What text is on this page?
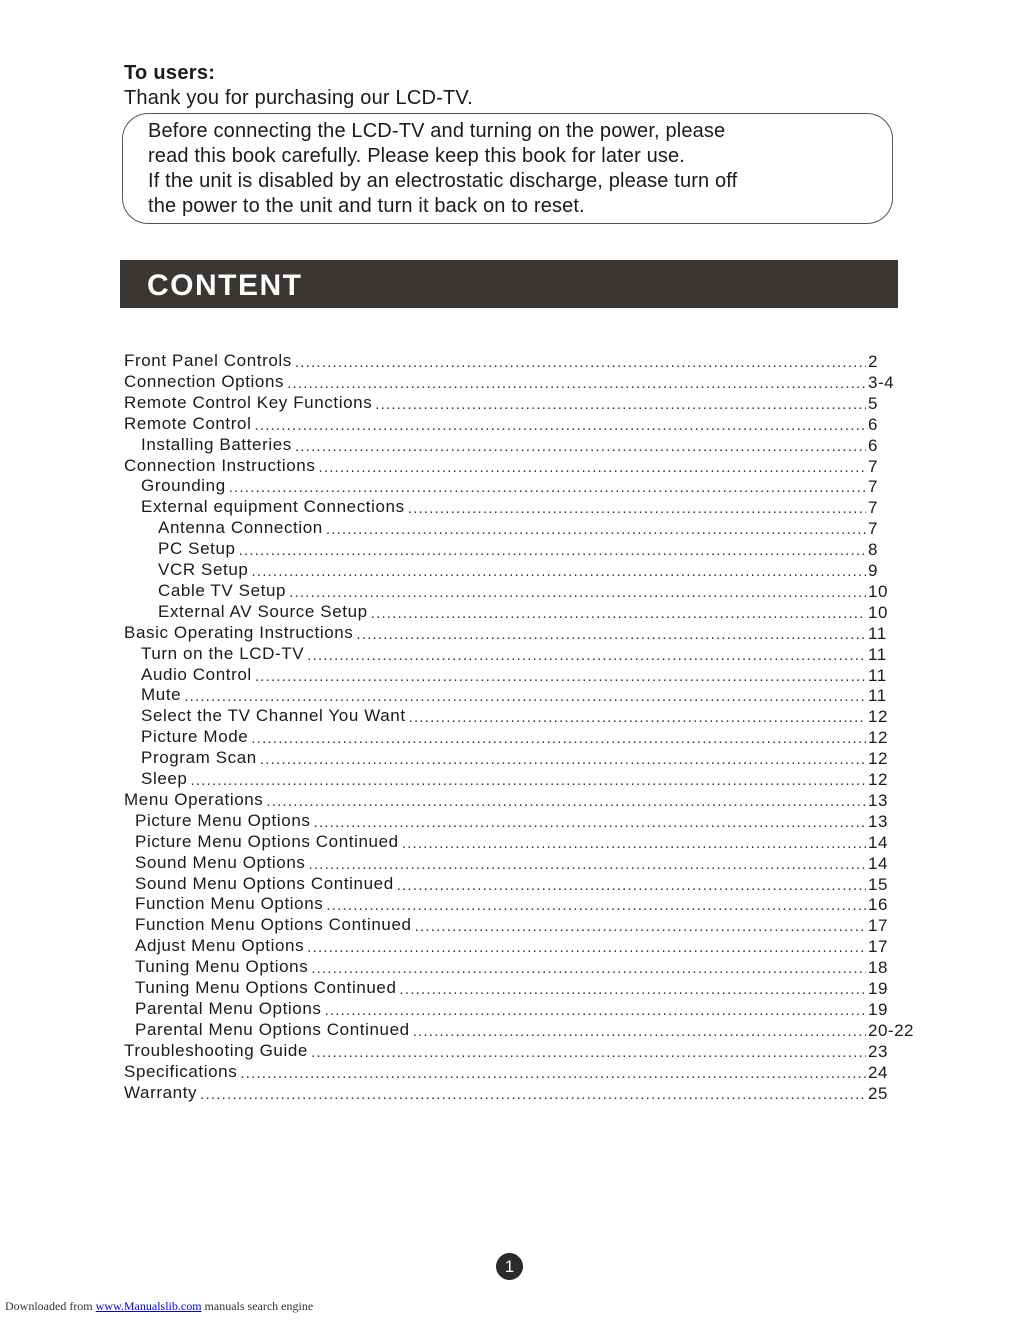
To users:
Thank you for purchasing our LCD-TV.
Before connecting the LCD-TV and turning on the power, please
read this book carefully. Please keep this book for later use.
If the unit is disabled by an electrostatic discharge, please turn off
the power to the unit and turn it back on to reset.
CONTENT
Front Panel Controls .....	2
Connection Options .....	3-4
Remote Control Key Functions .....	5
Remote Control .....	6
Installing Batteries .....	6
Connection Instructions .....	7
Grounding .....	7
External equipment Connections .....	7
Antenna Connection .....	7
PC Setup .....	8
VCR Setup .....	9
Cable TV Setup .....	10
External AV Source Setup .....	10
Basic Operating Instructions .....	11
Turn on the LCD-TV .....	11
Audio Control .....	11
Mute .....	11
Select the TV Channel You Want .....	12
Picture Mode .....	12
Program Scan .....	12
Sleep .....	12
Menu Operations .....	13
Picture Menu Options .....	13
Picture Menu Options Continued .....	14
Sound Menu Options .....	14
Sound Menu Options Continued .....	15
Function Menu Options .....	16
Function Menu Options Continued .....	17
Adjust Menu Options .....	17
Tuning Menu Options .....	18
Tuning Menu Options Continued .....	19
Parental Menu Options .....	19
Parental Menu Options Continued .....	20-22
Troubleshooting Guide .....	23
Specifications .....	24
Warranty .....	25
1
Downloaded from www.Manualslib.com manuals search engine
